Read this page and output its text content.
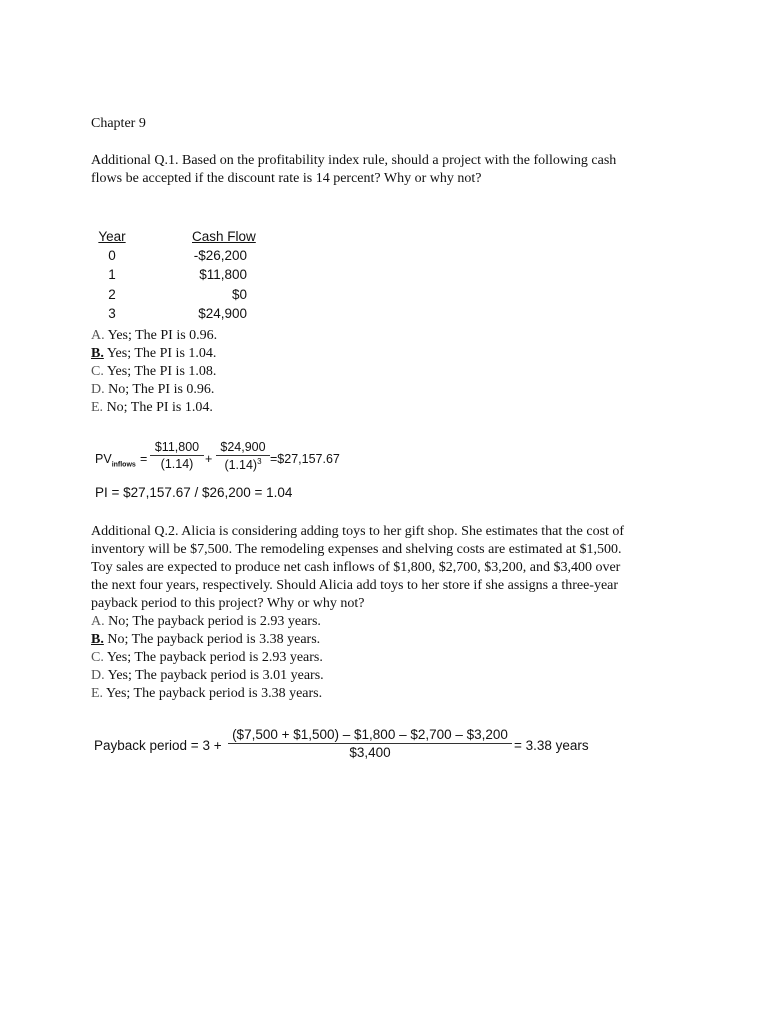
Chapter 9
Additional Q.1. Based on the profitability index rule, should a project with the following cash
flows be accepted if the discount rate is 14 percent? Why or why not?
Year	Cash Flow
0	-$26,200
1	$11,800
2	$0
3	$24,900
A. Yes; The PI is 0.96.
B. Yes; The PI is 1.04.
C. Yes; The PI is 1.08.
D. No; The PI is 0.96.
E. No; The PI is 1.04.
$PV_{inflows}$ =
$11,800
(1.14) +
$24,900
$(1.14)^3$ =$27,157.67
PI = $27,157.67 / $26,200 = 1.04
Additional Q.2. Alicia is considering adding toys to her gift shop. She estimates that the cost of
inventory will be $7,500. The remodeling expenses and shelving costs are estimated at $1,500.
Toy sales are expected to produce net cash inflows of $1,800, $2,700, $3,200, and $3,400 over
the next four years, respectively. Should Alicia add toys to her store if she assigns a three-year
payback period to this project? Why or why not?
A. No; The payback period is 2.93 years.
B. No; The payback period is 3.38 years.
C. Yes; The payback period is 2.93 years.
D. Yes; The payback period is 3.01 years.
E. Yes; The payback period is 3.38 years.
Payback period = 3 +
($7,500 + $1,500) – $1,800 – $2,700 – $3,200
$3,400	= 3.38 years
